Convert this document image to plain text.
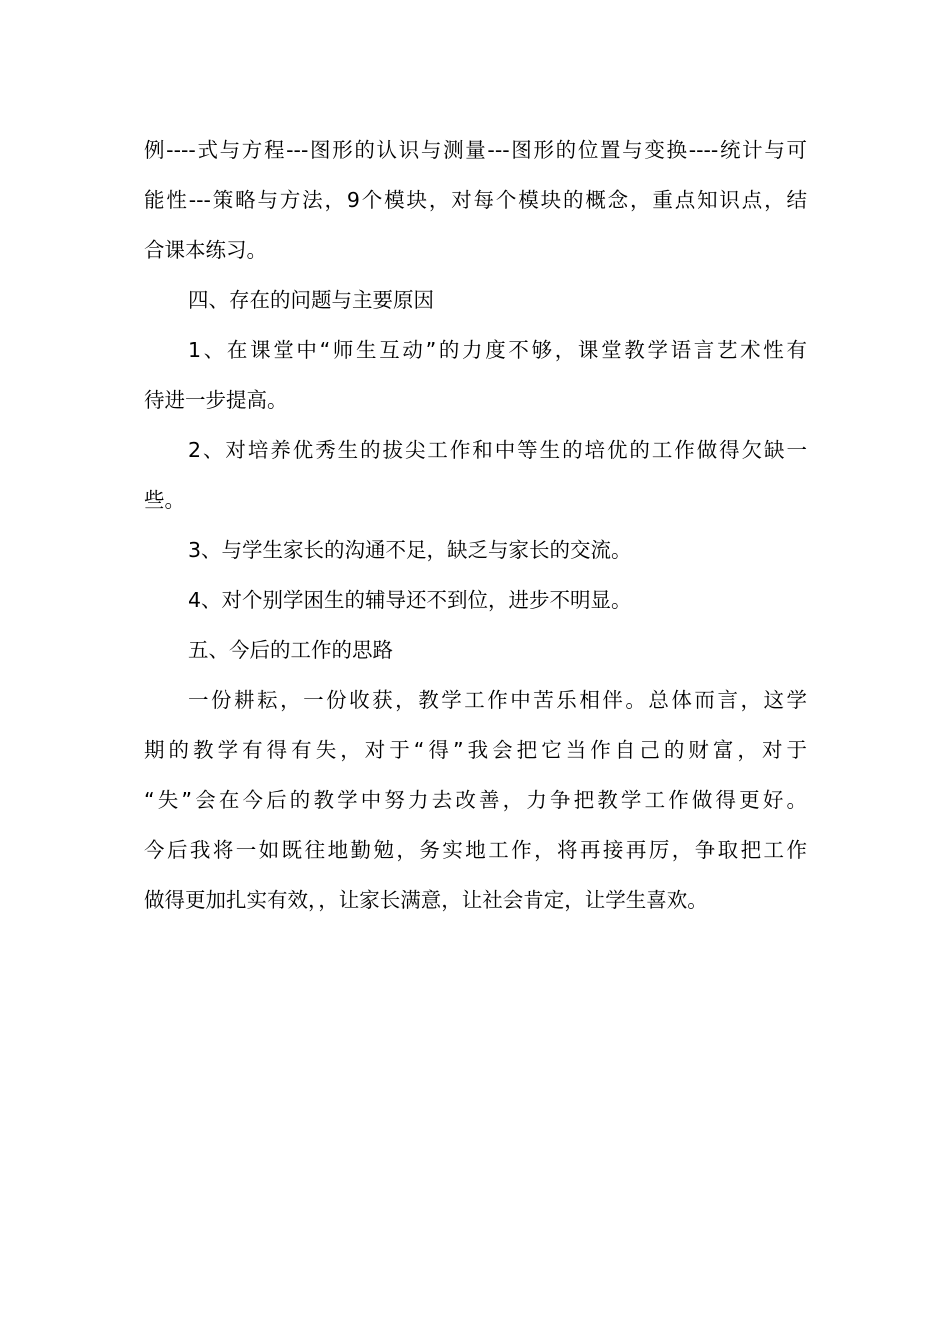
例----式与方程---图形的认识与测量---图形的位置与变换----统计与可
能性---策略与方法，9个模块，对每个模块的概念，重点知识点，结
合课本练习。
四、存在的问题与主要原因
1、在课堂中“师生互动”的力度不够，课堂教学语言艺术性有
待进一步提高。
2、对培养优秀生的拔尖工作和中等生的培优的工作做得欠缺一
些。
3、与学生家长的沟通不足，缺乏与家长的交流。
4、对个别学困生的辅导还不到位，进步不明显。
五、今后的工作的思路
一份耕耘，一份收获，教学工作中苦乐相伴。总体而言，这学
期的教学有得有失，对于“得”我会把它当作自己的财富，对于
“失”会在今后的教学中努力去改善，力争把教学工作做得更好。
今后我将一如既往地勤勉，务实地工作，将再接再厉，争取把工作
做得更加扎实有效，，让家长满意，让社会肯定，让学生喜欢。
